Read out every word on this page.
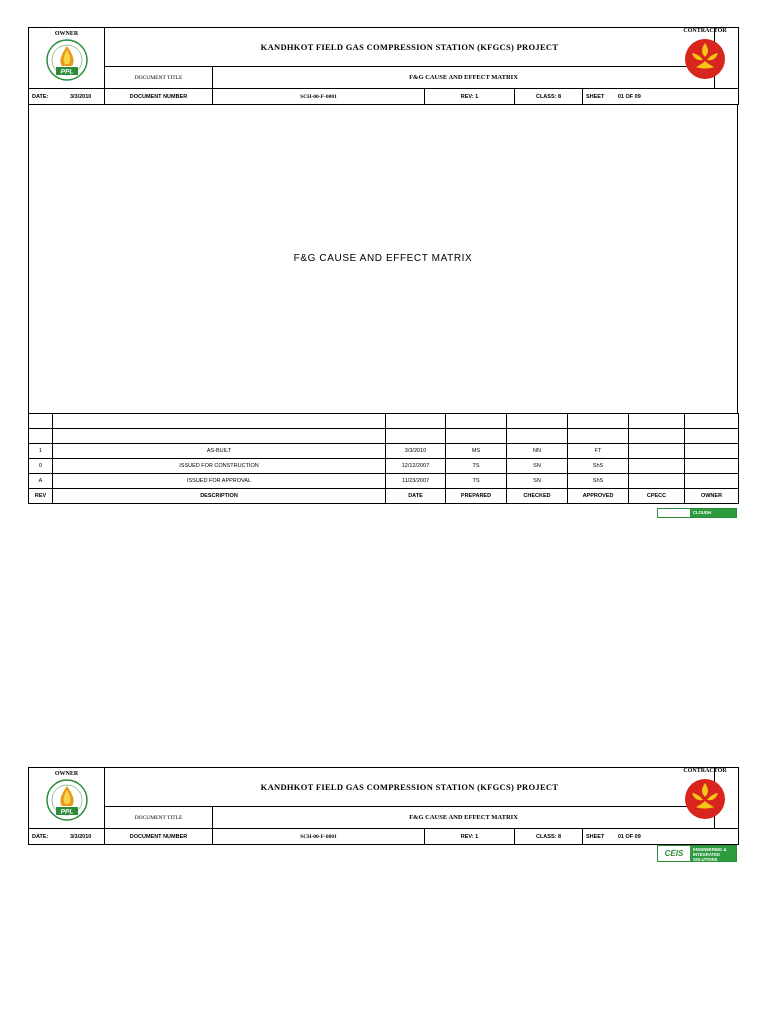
OWNER
PPL	KANDHKOT FIELD GAS COMPRESSION STATION (KFGCS) PROJECT					
	DOCUMENT TITLE	F&G CAUSE AND EFFECT MATRIX				
DATE: 3/3/2010	DOCUMENT NUMBER	SCH-00-F-0001	REV: 1	CLASS: 8	SHEET 01 OF 09	
CONTRACTOR
F&G CAUSE AND EFFECT MATRIX

1	AS-BUILT	3/3/2010	MS	NN	FT		
0	ISSUED FOR CONSTRUCTION	12/12/2007	TS	SN	ShS		
A	ISSUED FOR APPROVAL	11/23/2007	TS	SN	ShS		
REV	DESCRIPTION	DATE	PREPARED	CHECKED	APPROVED	CPECC	OWNER
CLOUGH
OWNER
PPL	KANDHKOT FIELD GAS COMPRESSION STATION (KFGCS) PROJECT					
	DOCUMENT TITLE	F&G CAUSE AND EFFECT MATRIX				
DATE: 3/3/2010	DOCUMENT NUMBER	SCH-00-F-0001	REV: 1	CLASS: 8	SHEET 01 OF 09	
CONTRACTOR
CEIS	ENGINEERING & INTEGRATED SOLUTIONS
